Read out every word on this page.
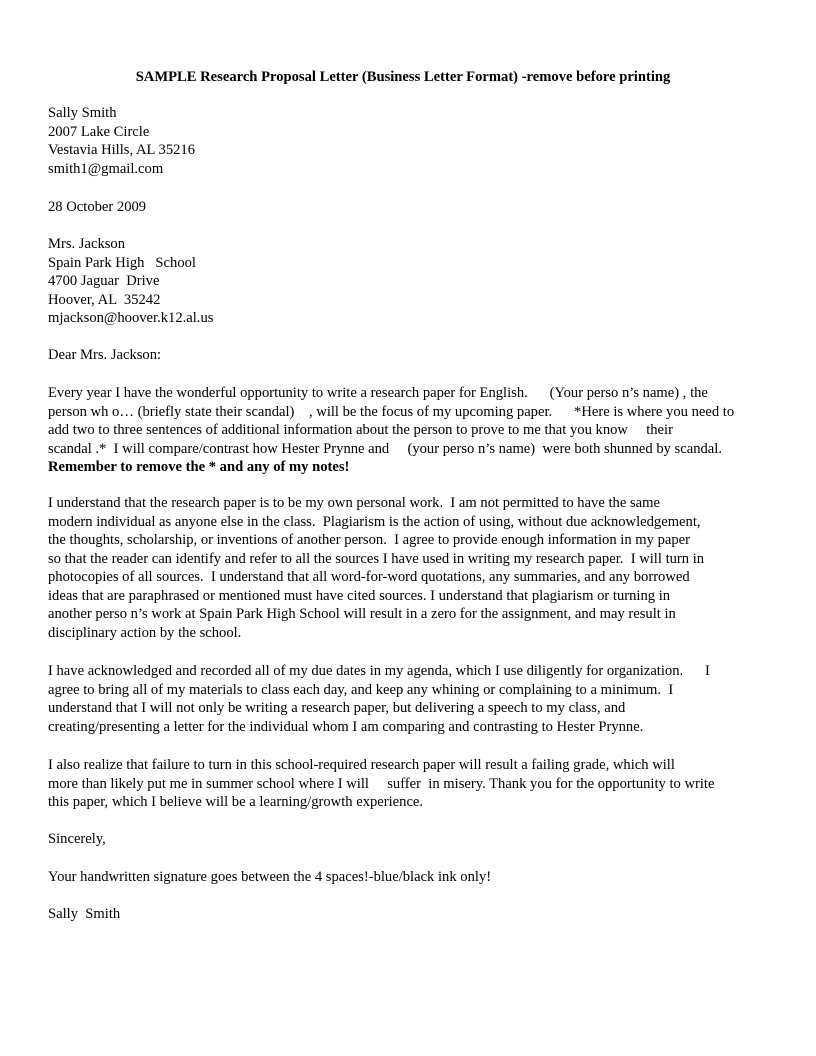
SAMPLE Research Proposal Letter (Business Letter Format) -remove before printing
Sally Smith
2007 Lake Circle
Vestavia Hills, AL 35216
smith1@gmail.com
28 October 2009
Mrs. Jackson
Spain Park High   School
4700 Jaguar  Drive
Hoover, AL  35242
mjackson@hoover.k12.al.us
Dear Mrs. Jackson:
Every year I have the wonderful opportunity to write a research paper for English.      (Your perso n’s name) , the
person wh o… (briefly state their scandal)    , will be the focus of my upcoming paper.      *Here is where you need to
add two to three sentences of additional information about the person to prove to me that you know     their
scandal .*  I will compare/contrast how Hester Prynne and     (your perso n’s name)  were both shunned by scandal.
Remember to remove the * and any of my notes!
I understand that the research paper is to be my own personal work.  I am not permitted to have the same
modern individual as anyone else in the class.  Plagiarism is the action of using, without due acknowledgement,
the thoughts, scholarship, or inventions of another person.  I agree to provide enough information in my paper
so that the reader can identify and refer to all the sources I have used in writing my research paper.  I will turn in
photocopies of all sources.  I understand that all word-for-word quotations, any summaries, and any borrowed
ideas that are paraphrased or mentioned must have cited sources. I understand that plagiarism or turning in
another perso n’s work at Spain Park High School will result in a zero for the assignment, and may result in
disciplinary action by the school.
I have acknowledged and recorded all of my due dates in my agenda, which I use diligently for organization.      I
agree to bring all of my materials to class each day, and keep any whining or complaining to a minimum.  I
understand that I will not only be writing a research paper, but delivering a speech to my class, and
creating/presenting a letter for the individual whom I am comparing and contrasting to Hester Prynne.
I also realize that failure to turn in this school-required research paper will result a failing grade, which will
more than likely put me in summer school where I will     suffer  in misery. Thank you for the opportunity to write
this paper, which I believe will be a learning/growth experience.
Sincerely,
Your handwritten signature goes between the 4 spaces!-blue/black ink only!
Sally  Smith
